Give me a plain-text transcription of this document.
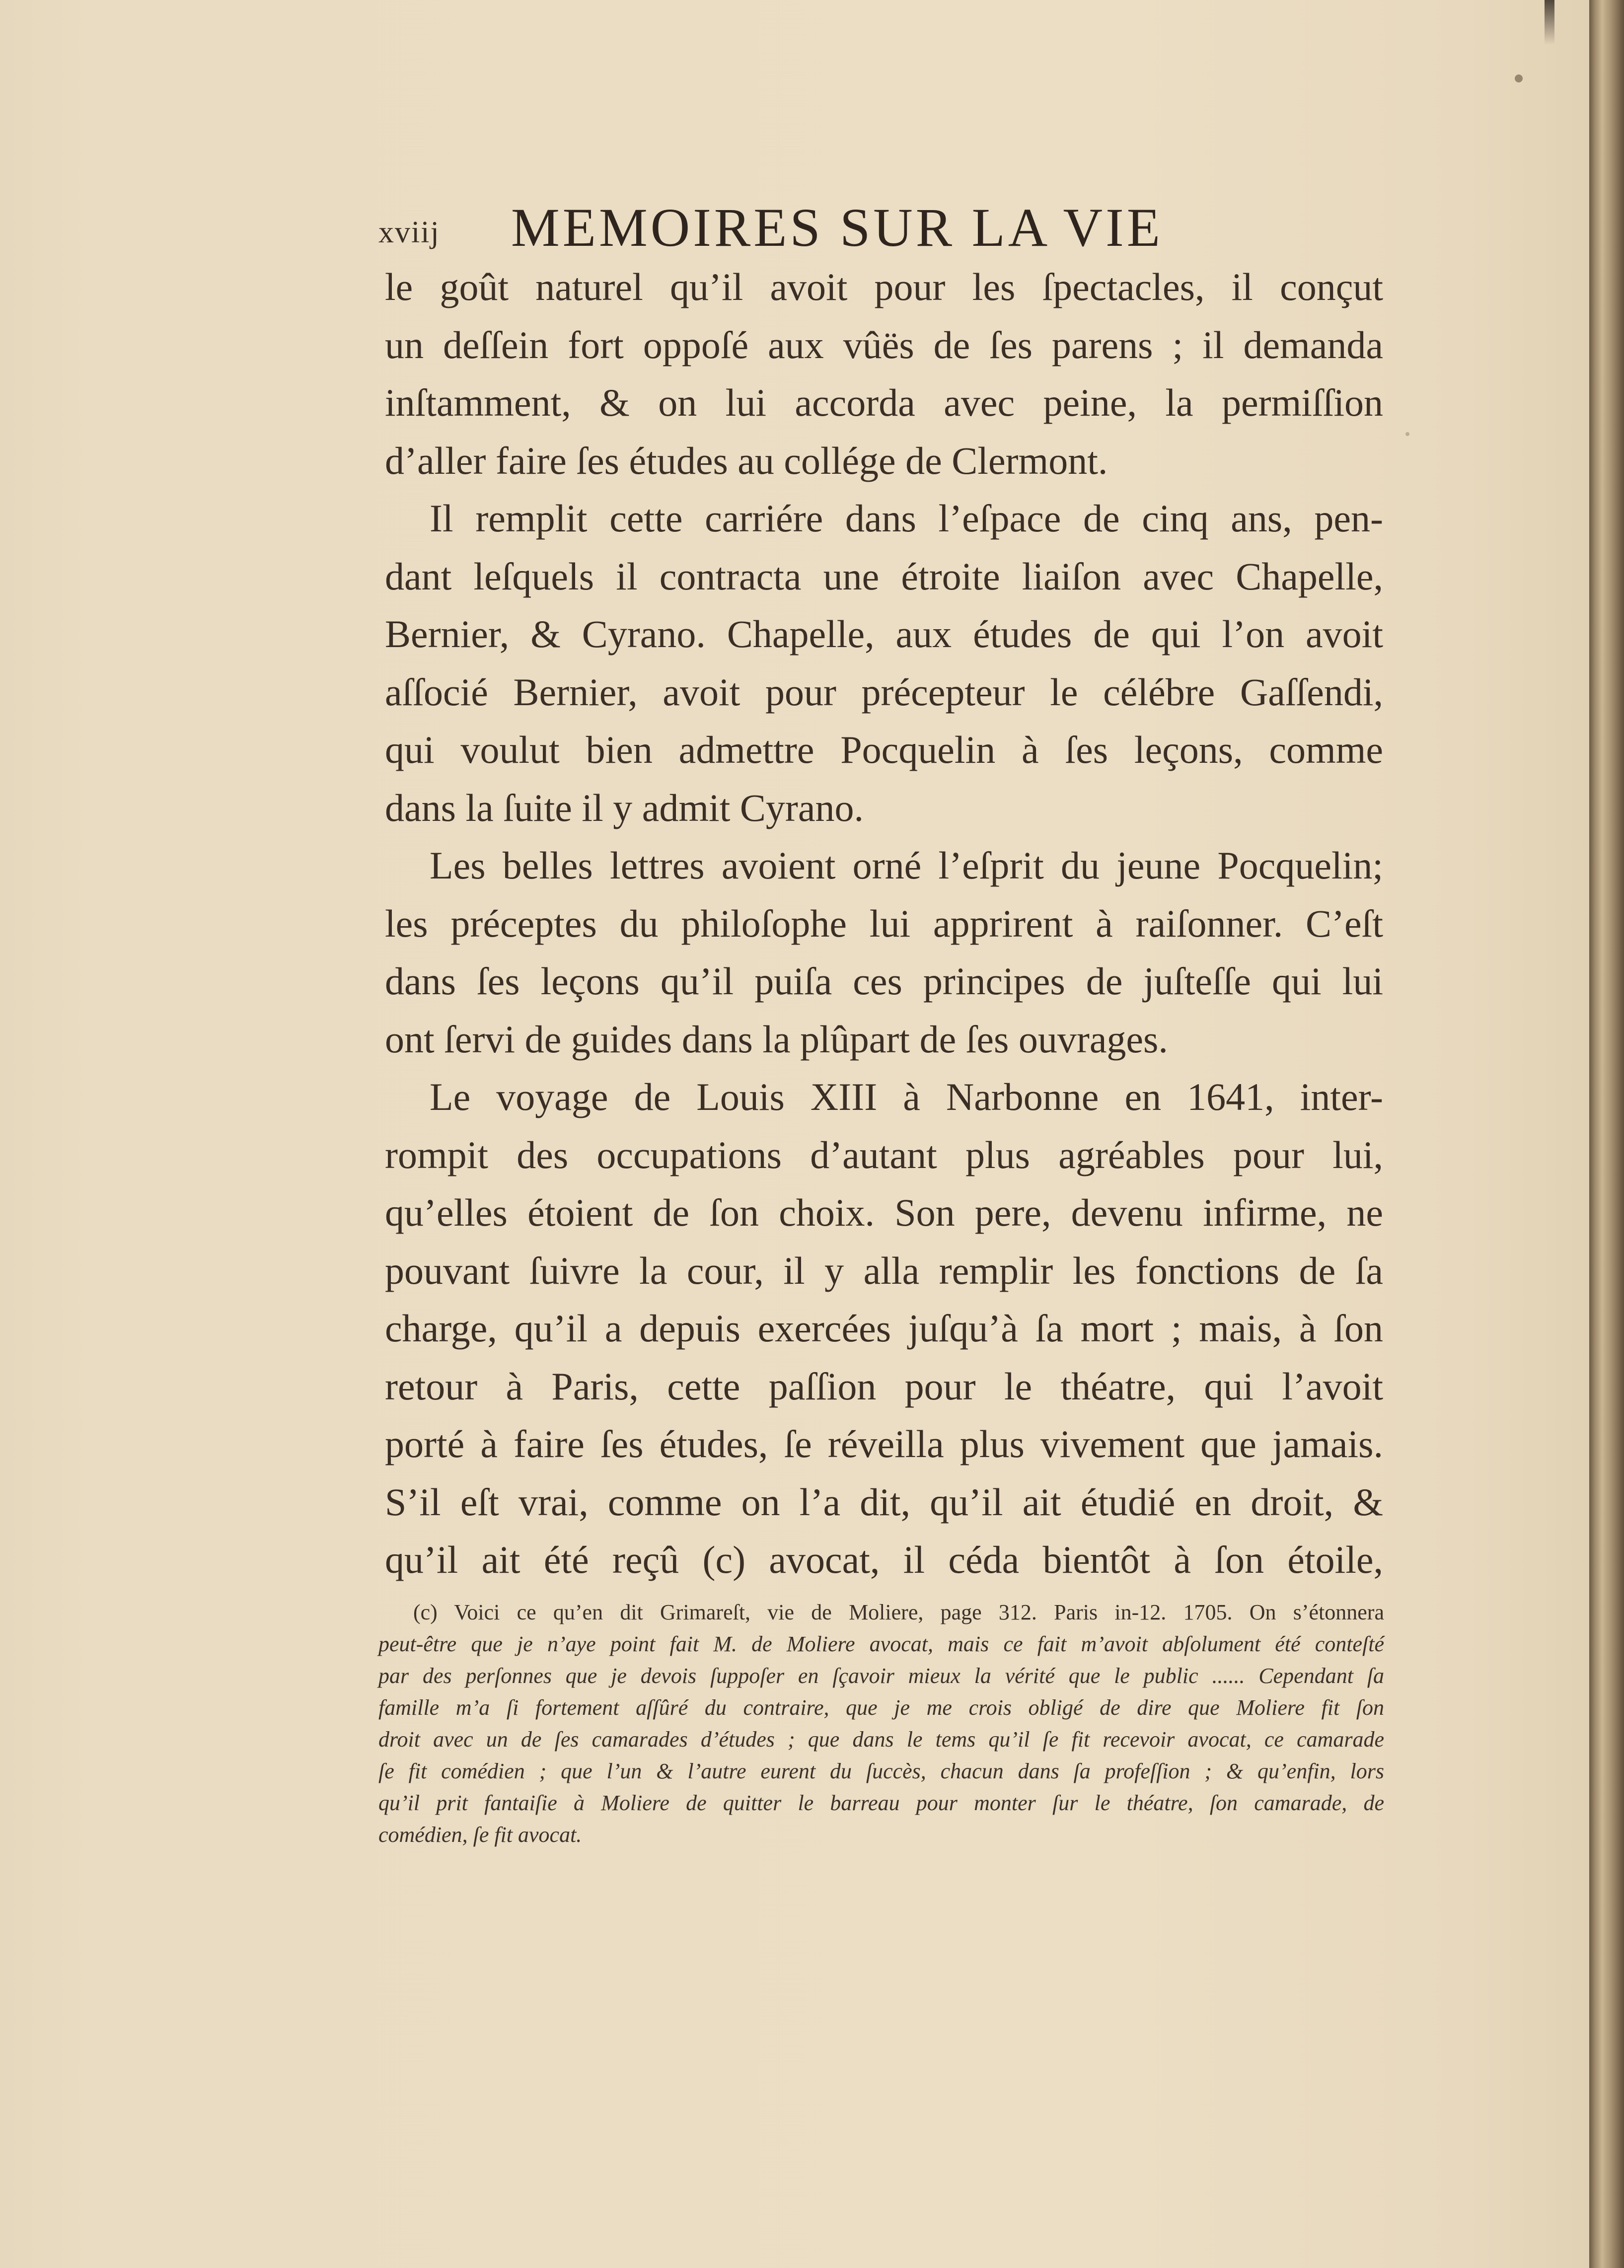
xviij MEMOIRES SUR LA VIE
le goût naturel qu’il avoit pour les ſpectacles, il conçut
un deſſein fort oppoſé aux vûës de ſes parens ; il demanda
inſtamment, & on lui accorda avec peine, la permiſſion
d’aller faire ſes études au collége de Clermont.
Il remplit cette carriére dans l’eſpace de cinq ans, pen-
dant leſquels il contracta une étroite liaiſon avec Chapelle,
Bernier, & Cyrano. Chapelle, aux études de qui l’on avoit
aſſocié Bernier, avoit pour précepteur le célébre Gaſſendi,
qui voulut bien admettre Pocquelin à ſes leçons, comme
dans la ſuite il y admit Cyrano.
Les belles lettres avoient orné l’eſprit du jeune Pocquelin;
les préceptes du philoſophe lui apprirent à raiſonner. C’eſt
dans ſes leçons qu’il puiſa ces principes de juſteſſe qui lui
ont ſervi de guides dans la plûpart de ſes ouvrages.
Le voyage de Louis XIII à Narbonne en 1641, inter-
rompit des occupations d’autant plus agréables pour lui,
qu’elles étoient de ſon choix. Son pere, devenu infirme, ne
pouvant ſuivre la cour, il y alla remplir les fonctions de ſa
charge, qu’il a depuis exercées juſqu’à ſa mort ; mais, à ſon
retour à Paris, cette paſſion pour le théatre, qui l’avoit
porté à faire ſes études, ſe réveilla plus vivement que jamais.
S’il eſt vrai, comme on l’a dit, qu’il ait étudié en droit, &
qu’il ait été reçû (c) avocat, il céda bientôt à ſon étoile,
(c) Voici ce qu’en dit Grimareſt, vie de Moliere, page 312. Paris in-12. 1705. On s’étonnera
peut-être que je n’aye point fait M. de Moliere avocat, mais ce fait m’avoit abſolument été conteſté
par des perſonnes que je devois ſuppoſer en ſçavoir mieux la vérité que le public ...... Cependant ſa
famille m’a ſi fortement aſſûré du contraire, que je me crois obligé de dire que Moliere fit ſon
droit avec un de ſes camarades d’études ; que dans le tems qu’il ſe fit recevoir avocat, ce camarade
ſe fit comédien ; que l’un & l’autre eurent du ſuccès, chacun dans ſa profeſſion ; & qu’enfin, lors
qu’il prit fantaiſie à Moliere de quitter le barreau pour monter ſur le théatre, ſon camarade, de
comédien, ſe fit avocat.
